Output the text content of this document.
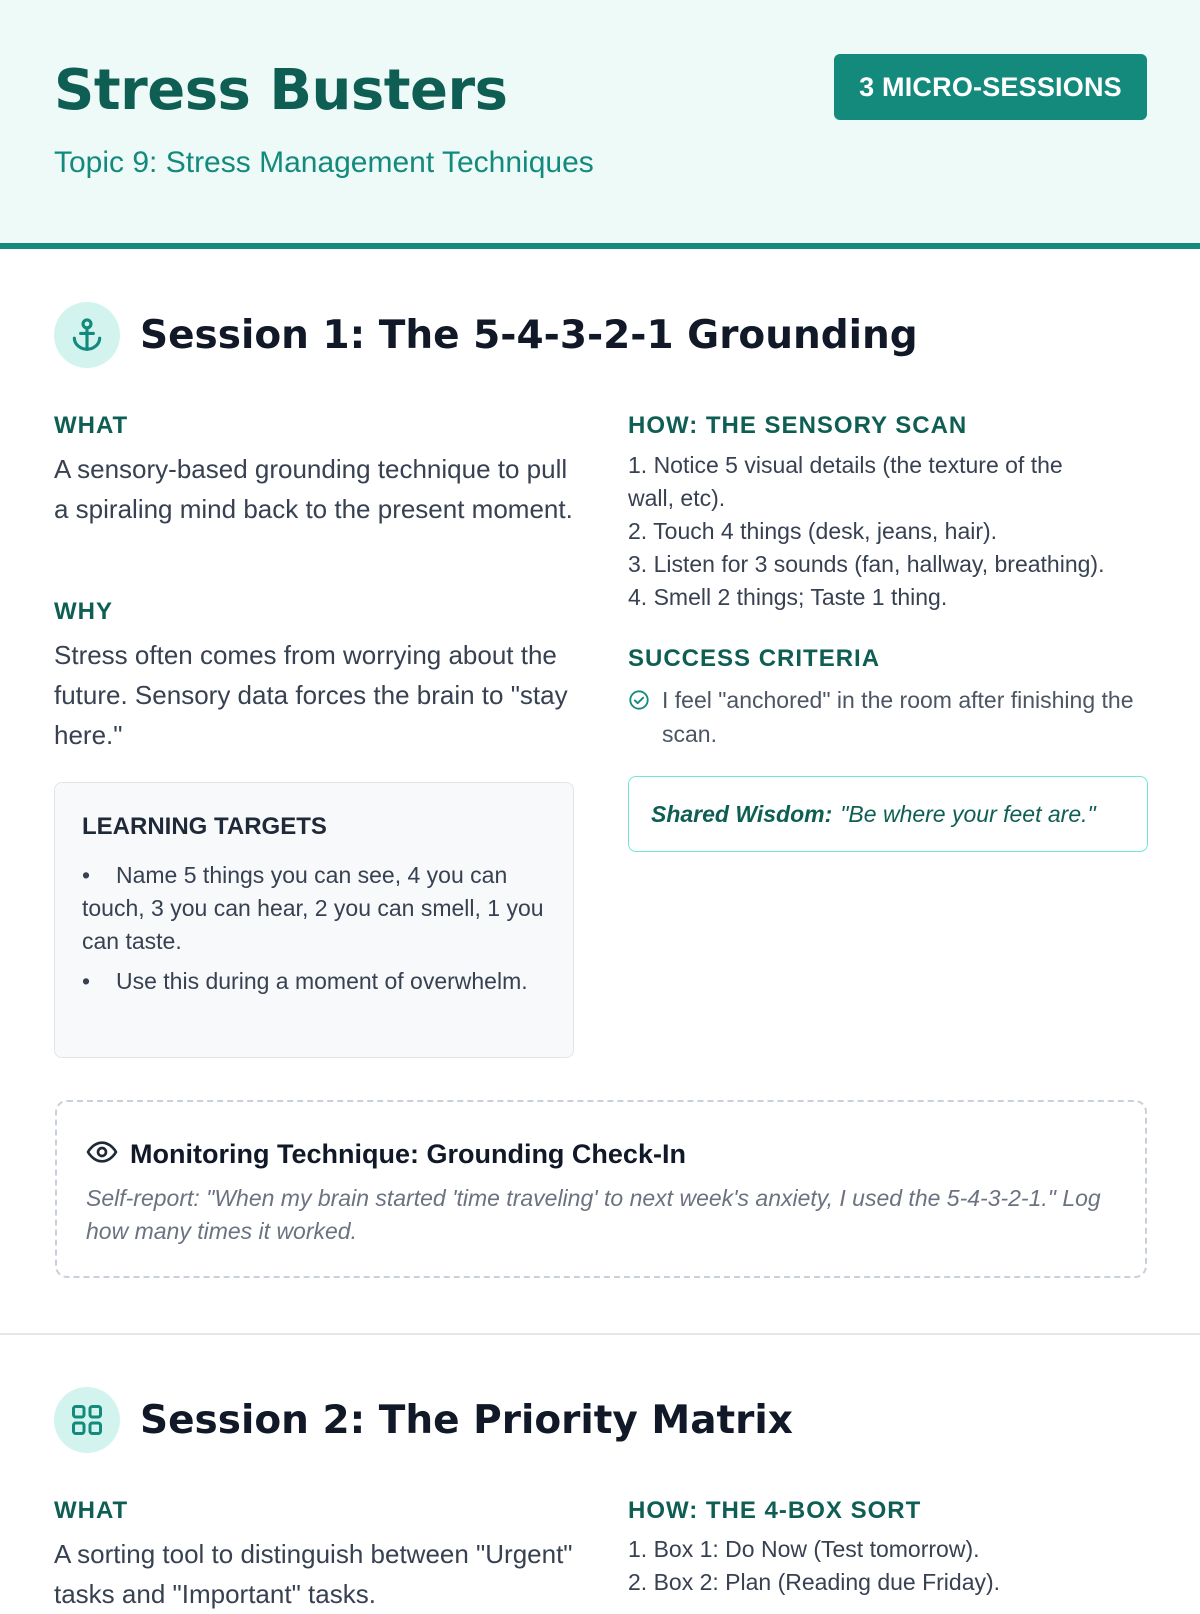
Stress Busters
Topic 9: Stress Management Techniques
3 MICRO-SESSIONS
Session 1: The 5-4-3-2-1 Grounding
WHAT
A sensory-based grounding technique to pull a spiraling mind back to the present moment.
WHY
Stress often comes from worrying about the future. Sensory data forces the brain to "stay here."
LEARNING TARGETS
• Name 5 things you can see, 4 you can touch, 3 you can hear, 2 you can smell, 1 you can taste.
• Use this during a moment of overwhelm.
HOW: THE SENSORY SCAN
1. Notice 5 visual details (the texture of the
wall, etc).
2. Touch 4 things (desk, jeans, hair).
3. Listen for 3 sounds (fan, hallway, breathing).
4. Smell 2 things; Taste 1 thing.
SUCCESS CRITERIA
I feel "anchored" in the room after finishing the scan.
Shared Wisdom: "Be where your feet are."
Monitoring Technique: Grounding Check-In
Self-report: "When my brain started 'time traveling' to next week's anxiety, I used the 5-4-3-2-1." Log how many times it worked.
Session 2: The Priority Matrix
WHAT
A sorting tool to distinguish between "Urgent" tasks and "Important" tasks.
HOW: THE 4-BOX SORT
1. Box 1: Do Now (Test tomorrow).
2. Box 2: Plan (Reading due Friday).
